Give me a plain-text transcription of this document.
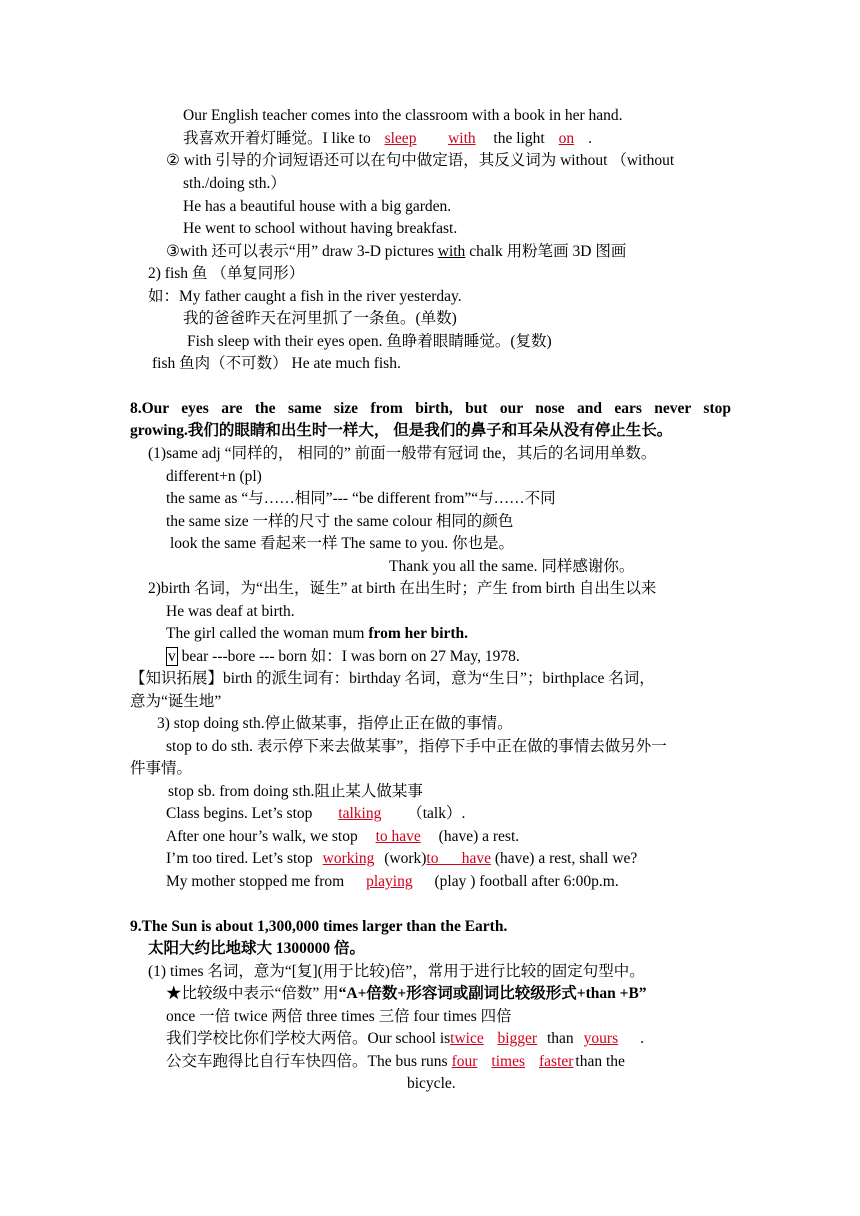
Our English teacher comes into the classroom with a book in her hand.
我喜欢开着灯睡觉。I like to sleep with the light on .
② with 引导的介词短语还可以在句中做定语，其反义词为 without （without
sth./doing sth.）
He has a beautiful house with a big garden.
He went to school without having breakfast.
③with 还可以表示“用” draw 3-D pictures with chalk 用粉笔画 3D 图画
2) fish 鱼 （单复同形）
如：My father caught a fish in the river yesterday.
我的爸爸昨天在河里抓了一条鱼。(单数)
Fish sleep with their eyes open. 鱼睁着眼睛睡觉。(复数)
fish 鱼肉（不可数） He ate much fish.
8.Our eyes are the same size from birth, but our nose and ears never stop
growing.我们的眼睛和出生时一样大， 但是我们的鼻子和耳朵从没有停止生长。
(1)same adj “同样的， 相同的” 前面一般带有冠词 the，其后的名词用单数。
different+n (pl)
the same as “与……相同”--- “be different from”“与……不同
the same size 一样的尺寸 the same colour 相同的颜色
look the same 看起来一样 The same to you. 你也是。
Thank you all the same. 同样感谢你。
2)birth 名词，为“出生，诞生” at birth 在出生时；产生 from birth 自出生以来
He was deaf at birth.
The girl called the woman mum from her birth.
v bear ---bore --- born 如：I was born on 27 May, 1978.
【知识拓展】birth 的派生词有：birthday 名词，意为“生日”；birthplace 名词，
意为“诞生地”
3) stop doing sth.停止做某事，指停止正在做的事情。
stop to do sth. 表示停下来去做某事”，指停下手中正在做的事情去做另外一
件事情。
stop sb. from doing sth.阻止某人做某事
Class begins. Let’s stop talking （talk）.
After one hour’s walk, we stop to have (have) a rest.
I’m too tired. Let’s stop working (work)to      have (have) a rest, shall we?
My mother stopped me from playing (play ) football after 6:00p.m.
9.The Sun is about 1,300,000 times larger than the Earth.
太阳大约比地球大 1300000 倍。
(1) times 名词，意为“[复](用于比较)倍”，常用于进行比较的固定句型中。
★比较级中表示“倍数” 用“A+倍数+形容词或副词比较级形式+than +B”
once 一倍 twice 两倍 three times 三倍 four times 四倍
我们学校比你们学校大两倍。Our school istwice bigger than yours .
公交车跑得比自行车快四倍。The bus runs four times faster than the
bicycle.
